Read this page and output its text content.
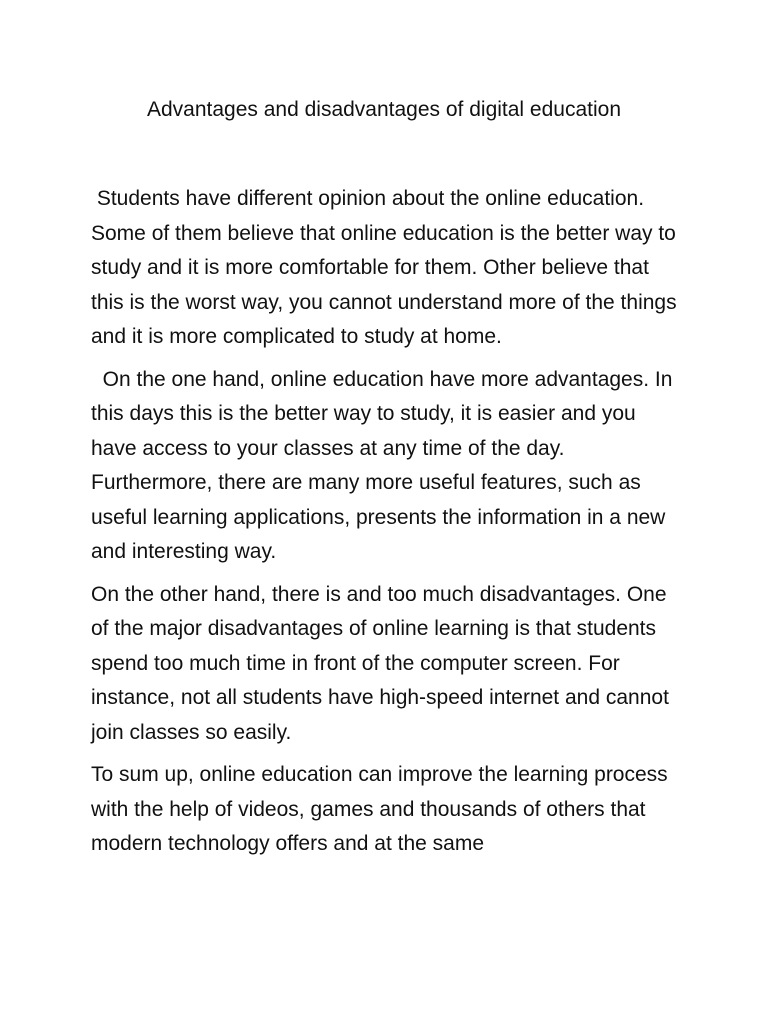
Advantages and disadvantages of digital education

Students have different opinion about the online education. Some of them believe that online education is the better way to study and it is more comfortable for them. Other believe that this is the worst way, you cannot understand more of the things and it is more complicated to study at home.

On the one hand, online education have more advantages. In this days this is the better way to study, it is easier and you have access to your classes at any time of the day. Furthermore, there are many more useful features, such as useful learning applications, presents the information in a new and interesting way.

On the other hand, there is and too much disadvantages. One of the major disadvantages of online learning is that students spend too much time in front of the computer screen. For instance, not all students have high-speed internet and cannot join classes so easily.

To sum up, online education can improve the learning process with the help of videos, games and thousands of others that modern technology offers and at the same
